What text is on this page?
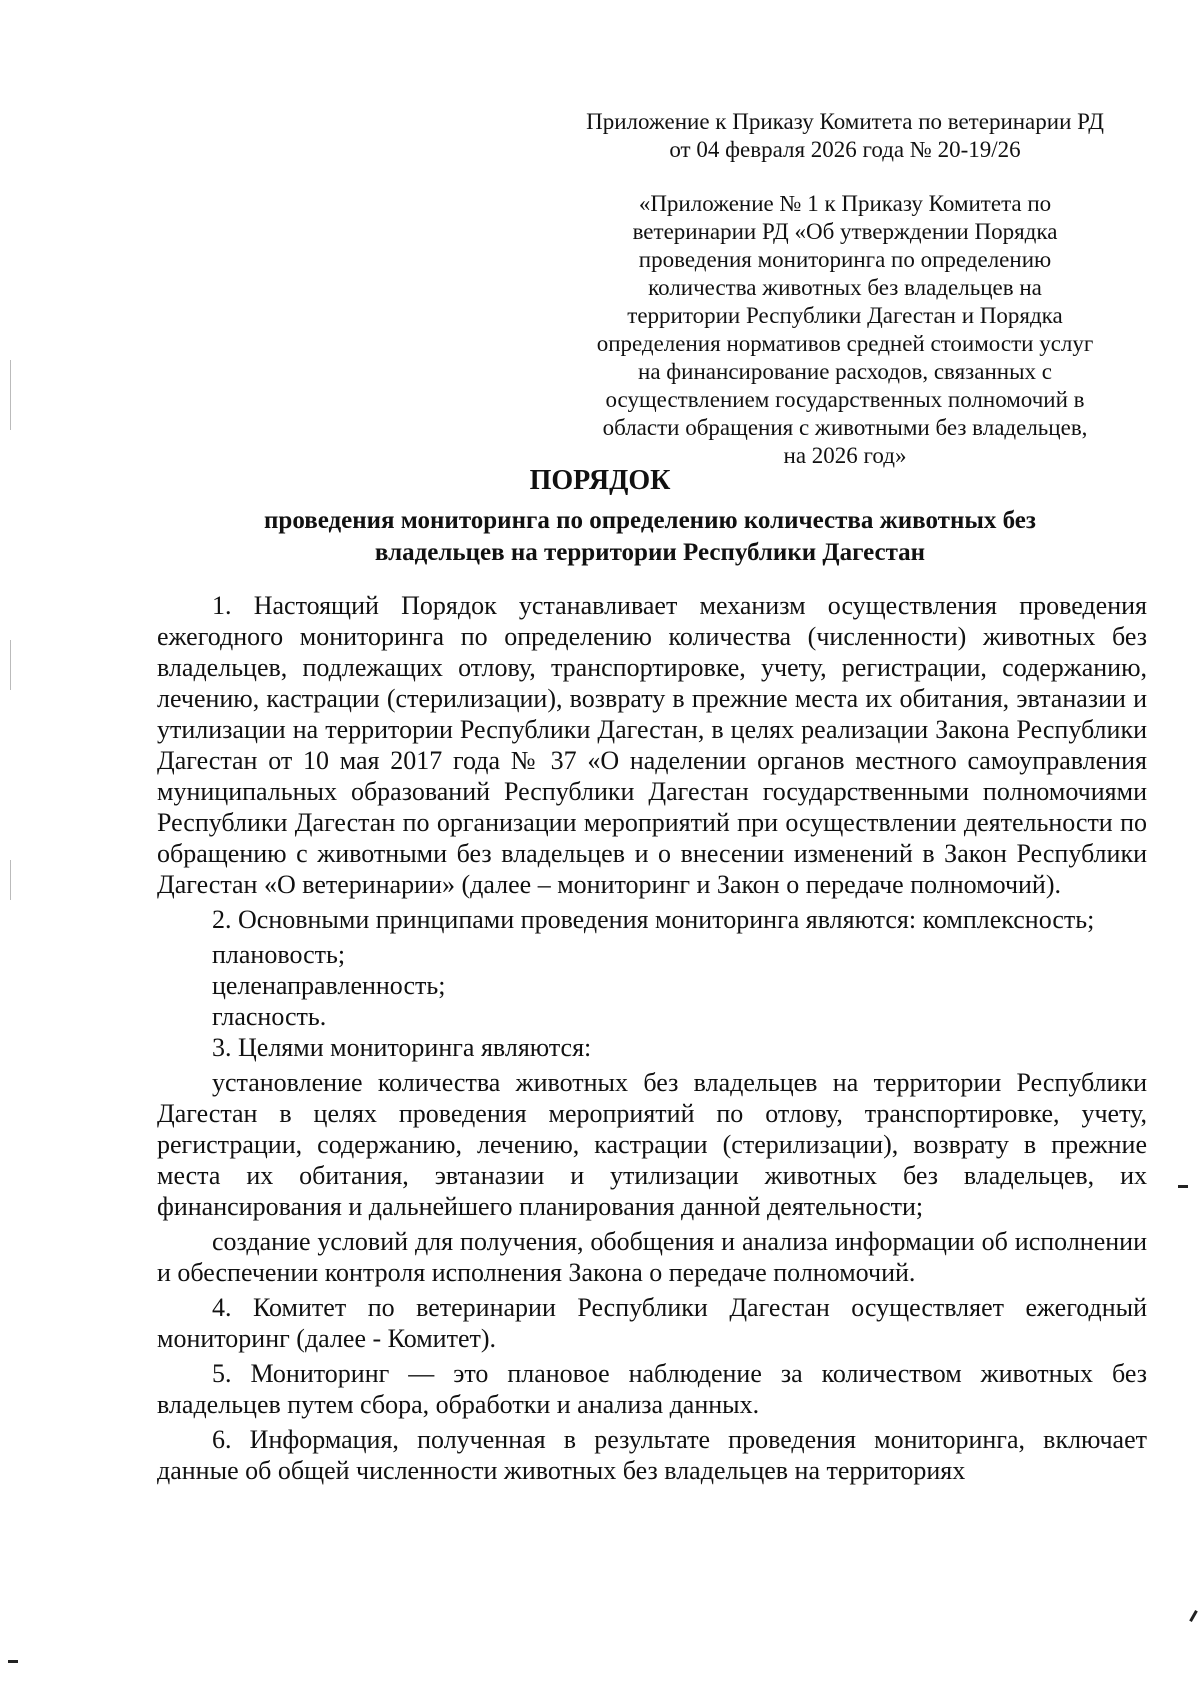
Приложение к Приказу Комитета по ветеринарии РД
от 04 февраля 2026 года № 20-19/26
«Приложение № 1 к Приказу Комитета по
ветеринарии РД «Об утверждении Порядка
проведения мониторинга по определению
количества животных без владельцев на
территории Республики Дагестан и Порядка
определения нормативов средней стоимости услуг
на финансирование расходов, связанных с
осуществлением государственных полномочий в
области обращения с животными без владельцев,
на 2026 год»
ПОРЯДОК
проведения мониторинга по определению количества животных без
владельцев на территории Республики Дагестан

1. Настоящий Порядок устанавливает механизм осуществления проведения ежегодного мониторинга по определению количества (численности) животных без владельцев, подлежащих отлову, транспортировке, учету, регистрации, содержанию, лечению, кастрации (стерилизации), возврату в прежние места их обитания, эвтаназии и утилизации на территории Республики Дагестан, в целях реализации Закона Республики Дагестан от 10 мая 2017 года № 37 «О наделении органов местного самоуправления муниципальных образований Республики Дагестан государственными полномочиями Республики Дагестан по организации мероприятий при осуществлении деятельности по обращению с животными без владельцев и о внесении изменений в Закон Республики Дагестан «О ветеринарии» (далее – мониторинг и Закон о передаче полномочий).

2. Основными принципами проведения мониторинга являются: комплексность;

плановость;

целенаправленность;

гласность.

3. Целями мониторинга являются:

установление количества животных без владельцев на территории Республики Дагестан в целях проведения мероприятий по отлову, транспортировке, учету, регистрации, содержанию, лечению, кастрации (стерилизации), возврату в прежние места их обитания, эвтаназии и утилизации животных без владельцев, их финансирования и дальнейшего планирования данной деятельности;

создание условий для получения, обобщения и анализа информации об исполнении и обеспечении контроля исполнения Закона о передаче полномочий.

4. Комитет по ветеринарии Республики Дагестан осуществляет ежегодный мониторинг (далее - Комитет).

5. Мониторинг — это плановое наблюдение за количеством животных без владельцев путем сбора, обработки и анализа данных.

6. Информация, полученная в результате проведения мониторинга, включает данные об общей численности животных без владельцев на территориях
